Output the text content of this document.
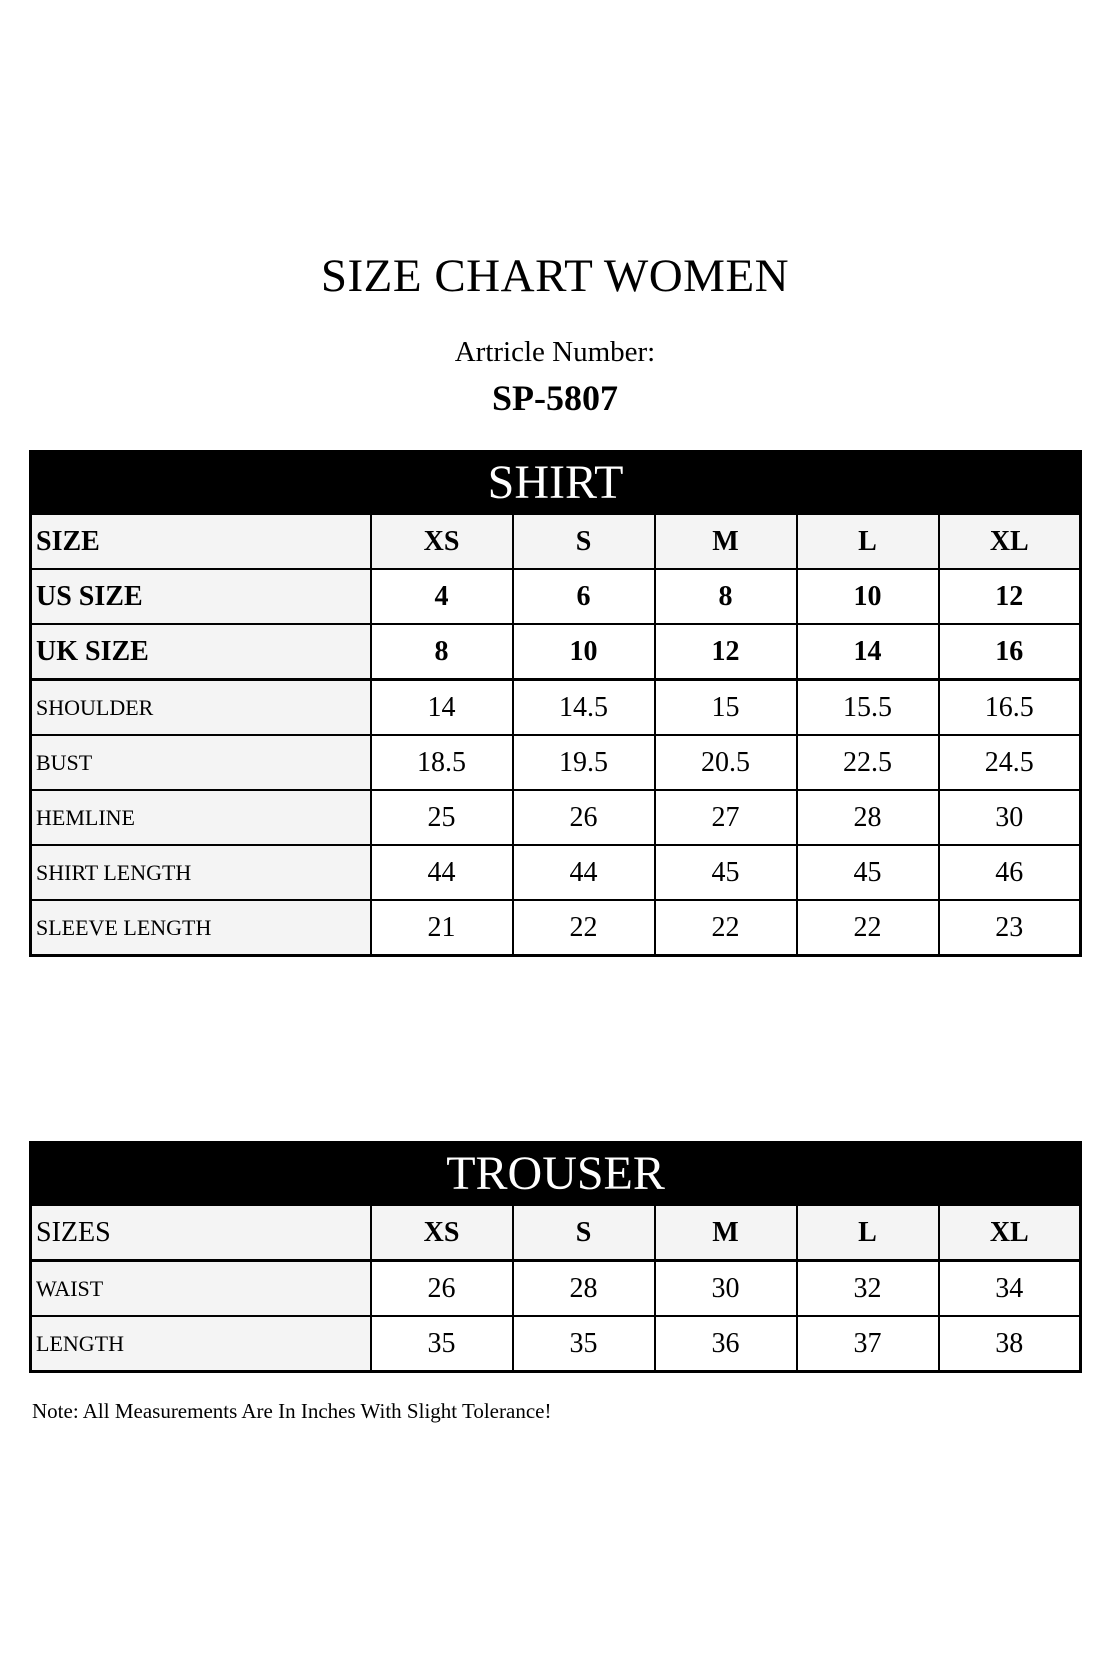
SIZE CHART WOMEN
Artricle Number:
SP-5807
SHIRT					
SIZE	XS	S	M	L	XL
US SIZE	4	6	8	10	12
UK SIZE	8	10	12	14	16
SHOULDER	14	14.5	15	15.5	16.5
BUST	18.5	19.5	20.5	22.5	24.5
HEMLINE	25	26	27	28	30
SHIRT LENGTH	44	44	45	45	46
SLEEVE LENGTH	21	22	22	22	23
TROUSER					
SIZES	XS	S	M	L	XL
WAIST	26	28	30	32	34
LENGTH	35	35	36	37	38
Note: All Measurements Are In Inches With Slight Tolerance!
